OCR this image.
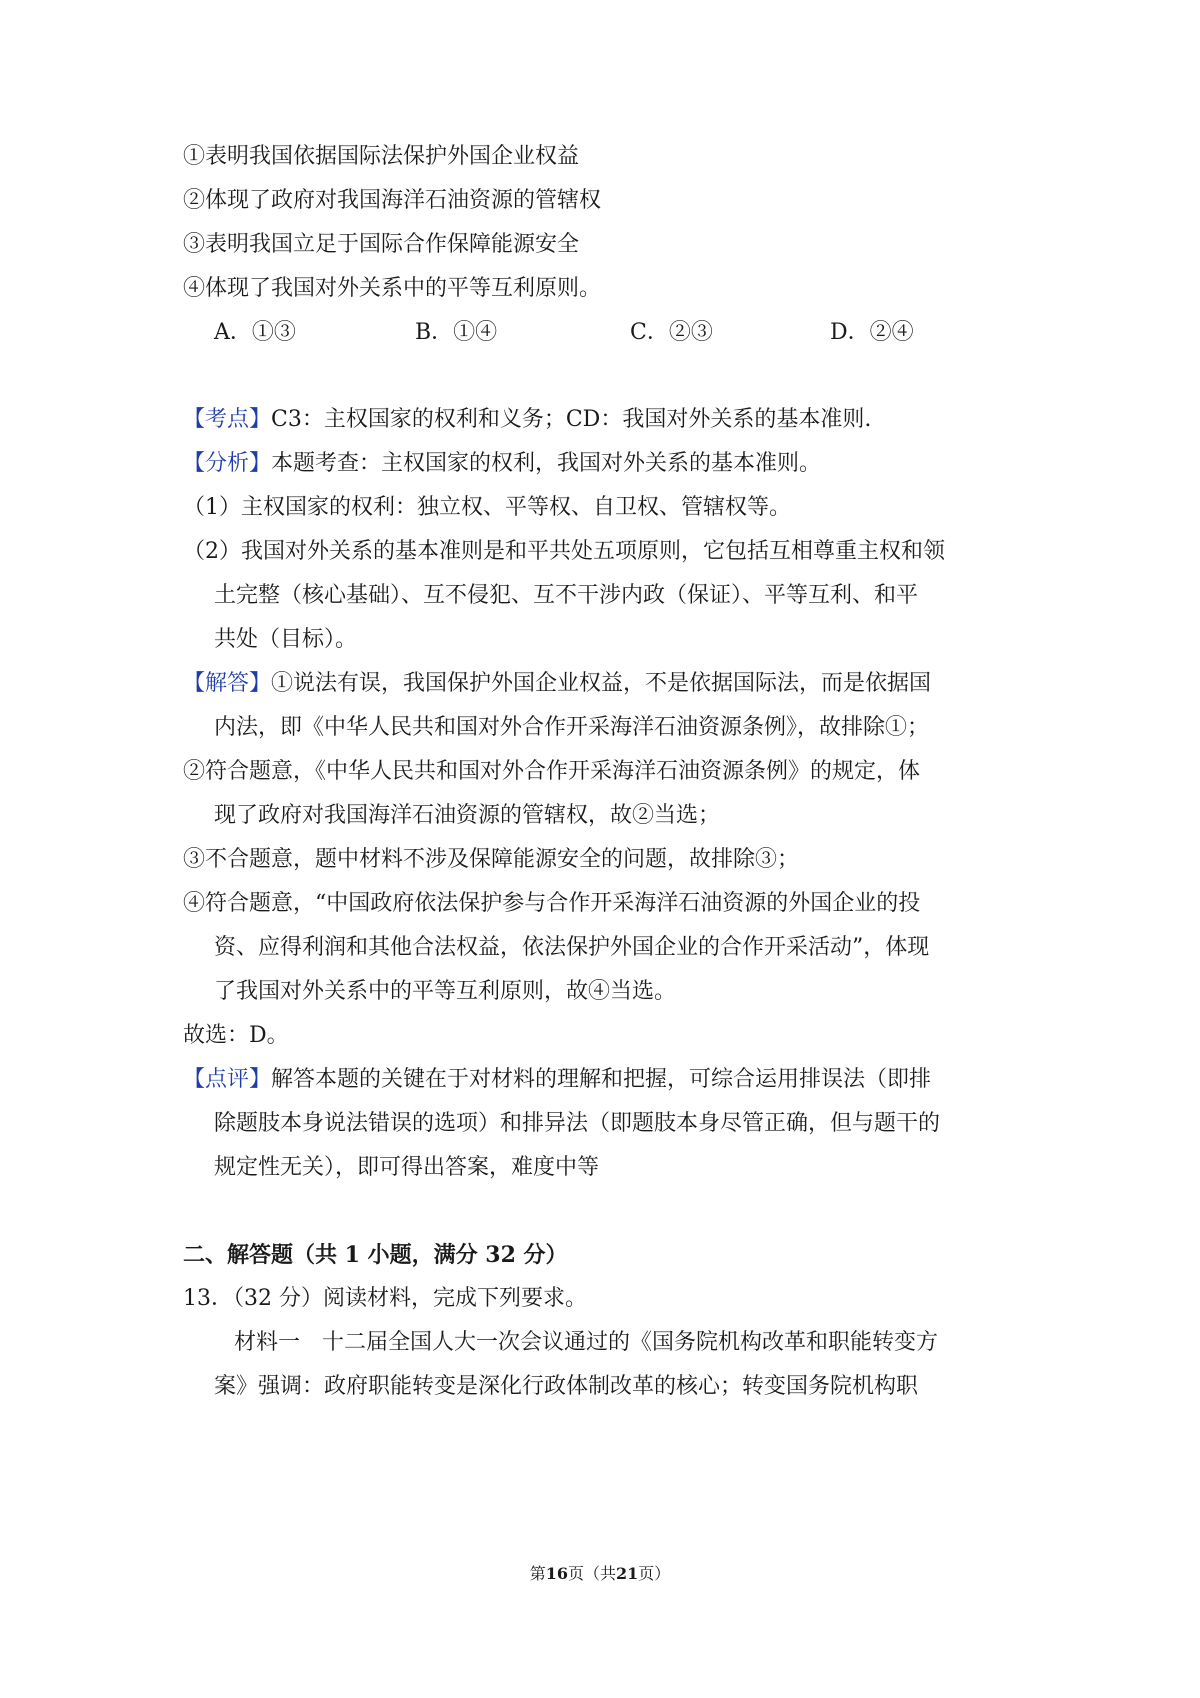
①表明我国依据国际法保护外国企业权益
②体现了政府对我国海洋石油资源的管辖权
③表明我国立足于国际合作保障能源安全
④体现了我国对外关系中的平等互利原则。
A．①③	B．①④	C．②③	D．②④
【考点】C3：主权国家的权利和义务；CD：我国对外关系的基本准则.
【分析】本题考查：主权国家的权利，我国对外关系的基本准则。
（1）主权国家的权利：独立权、平等权、自卫权、管辖权等。
（2）我国对外关系的基本准则是和平共处五项原则，它包括互相尊重主权和领
土完整（核心基础）、互不侵犯、互不干涉内政（保证）、平等互利、和平
共处（目标）。
【解答】①说法有误，我国保护外国企业权益，不是依据国际法，而是依据国
内法，即《中华人民共和国对外合作开采海洋石油资源条例》，故排除①；
②符合题意，《中华人民共和国对外合作开采海洋石油资源条例》的规定，体
现了政府对我国海洋石油资源的管辖权，故②当选；
③不合题意，题中材料不涉及保障能源安全的问题，故排除③；
④符合题意，“中国政府依法保护参与合作开采海洋石油资源的外国企业的投
资、应得利润和其他合法权益，依法保护外国企业的合作开采活动”，体现
了我国对外关系中的平等互利原则，故④当选。
故选：D。
【点评】解答本题的关键在于对材料的理解和把握，可综合运用排误法（即排
除题肢本身说法错误的选项）和排异法（即题肢本身尽管正确，但与题干的
规定性无关），即可得出答案，难度中等
二、解答题（共 1 小题，满分 32 分）
13．（32 分）阅读材料，完成下列要求。
材料一　十二届全国人大一次会议通过的《国务院机构改革和职能转变方
案》强调：政府职能转变是深化行政体制改革的核心；转变国务院机构职
第16页（共21页）
